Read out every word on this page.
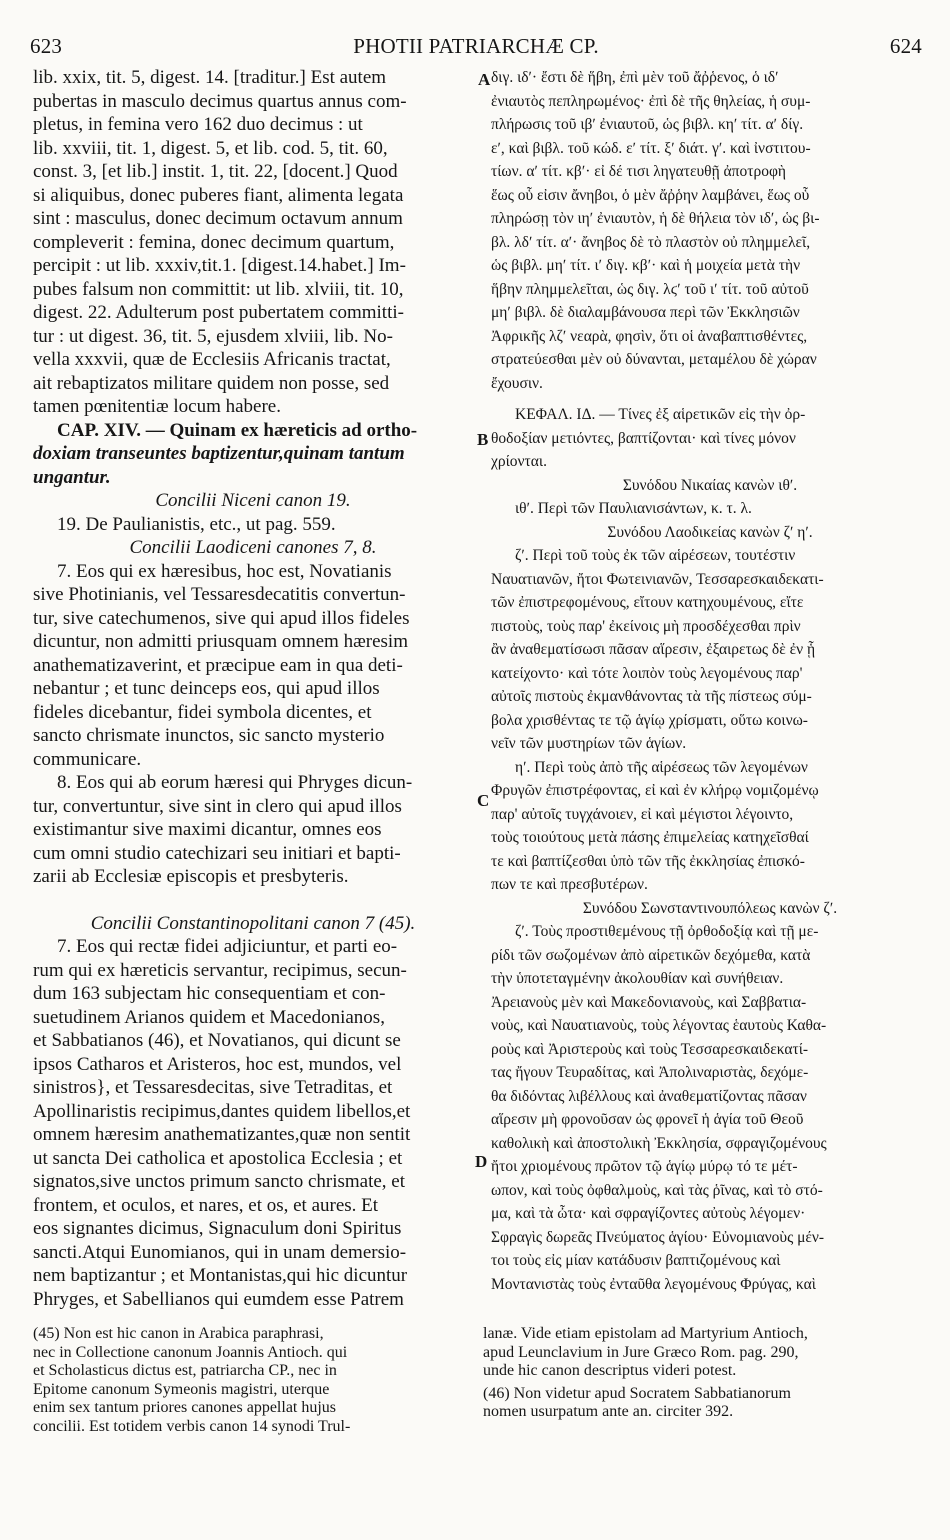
623	PHOTII PATRIARCHÆ CP.	624
A
B
C
D
lib. xxix, tit. 5, digest. 14. [traditur.] Est autem
pubertas in masculo decimus quartus annus com-
pletus, in femina vero 162 duo decimus : ut
lib. xxviii, tit. 1, digest. 5, et lib. cod. 5, tit. 60,
const. 3, [et lib.] instit. 1, tit. 22, [docent.] Quod
si aliquibus, donec puberes fiant, alimenta legata
sint : masculus, donec decimum octavum annum
compleverit : femina, donec decimum quartum,
percipit : ut lib. xxxiv,tit.1. [digest.14.habet.] Im-
pubes falsum non committit: ut lib. xlviii, tit. 10,
digest. 22. Adulterum post pubertatem committi-
tur : ut digest. 36, tit. 5, ejusdem xlviii, lib. No-
vella xxxvii, quæ de Ecclesiis Africanis tractat,
ait rebaptizatos militare quidem non posse, sed
tamen pœnitentiæ locum habere.
CAP. XIV. — Quinam ex hæreticis ad ortho-
doxiam transeuntes baptizentur,quinam tantum
ungantur.
Concilii Niceni canon 19.
19. De Paulianistis, etc., ut pag. 559.
Concilii Laodiceni canones 7, 8.
7. Eos qui ex hæresibus, hoc est, Novatianis
sive Photinianis, vel Tessaresdecatitis convertun-
tur, sive catechumenos, sive qui apud illos fideles
dicuntur, non admitti priusquam omnem hæresim
anathematizaverint, et præcipue eam in qua deti-
nebantur ; et tunc deinceps eos, qui apud illos
fideles dicebantur, fidei symbola dicentes, et
sancto chrismate inunctos, sic sancto mysterio
communicare.
8. Eos qui ab eorum hæresi qui Phryges dicun-
tur, convertuntur, sive sint in clero qui apud illos
existimantur sive maximi dicantur, omnes eos
cum omni studio catechizari seu initiari et bapti-
zarii ab Ecclesiæ episcopis et presbyteris.
Concilii Constantinopolitani canon 7 (45).
7. Eos qui rectæ fidei adjiciuntur, et parti eo-
rum qui ex hæreticis servantur, recipimus, secun-
dum 163 subjectam hic consequentiam et con-
suetudinem Arianos quidem et Macedonianos,
et Sabbatianos (46), et Novatianos, qui dicunt se
ipsos Catharos et Aristeros, hoc est, mundos, vel
sinistros}, et Tessaresdecitas, sive Tetraditas, et
Apollinaristis recipimus,dantes quidem libellos,et
omnem hæresim anathematizantes,quæ non sentit
ut sancta Dei catholica et apostolica Ecclesia ; et
signatos,sive unctos primum sancto chrismate, et
frontem, et oculos, et nares, et os, et aures. Et
eos signantes dicimus, Signaculum doni Spiritus
sancti.Atqui Eunomianos, qui in unam demersio-
nem baptizantur ; et Montanistas,qui hic dicuntur
Phryges, et Sabellianos qui eumdem esse Patrem
διγ. ιδʹ· ἔστι δὲ ἥβη, ἐπὶ μὲν τοῦ ἄῤῥενος, ὁ ιδʹ
ἐνιαυτὸς πεπληρωμένος· ἐπὶ δὲ τῆς θηλείας, ἡ συμ-
πλήρωσις τοῦ ιβʹ ἐνιαυτοῦ, ὡς βιβλ. κηʹ τίτ. αʹ δίγ.
εʹ, καὶ βιβλ. τοῦ κώδ. εʹ τίτ. ξʹ διάτ. γʹ. καὶ ἰνστιτου-
τίων. αʹ τίτ. κβʹ· εἰ δέ τισι ληγατευθῇ ἀποτροφὴ
ἕως οὗ εἰσιν ἄνηβοι, ὁ μὲν ἄῤῥην λαμβάνει, ἕως οὗ
πληρώσῃ τὸν ιηʹ ἐνιαυτὸν, ἡ δὲ θήλεια τὸν ιδʹ, ὡς βι-
βλ. λδʹ τίτ. αʹ· ἄνηβος δὲ τὸ πλαστὸν οὐ πλημμελεῖ,
ὡς βιβλ. μηʹ τίτ. ιʹ διγ. κβʹ· καὶ ἡ μοιχεία μετὰ τὴν
ἥβην πλημμελεῖται, ὡς διγ. λϛʹ τοῦ ιʹ τίτ. τοῦ αὐτοῦ
μηʹ βιβλ. δὲ διαλαμβάνουσα περὶ τῶν Ἐκκλησιῶν
Ἀφρικῆς λζʹ νεαρὰ, φησὶν, ὅτι οἱ ἀναβαπτισθέντες,
στρατεύεσθαι μὲν οὐ δύνανται, μεταμέλου δὲ χώραν
ἔχουσιν.
ΚΕΦΑΛ. ΙΔ. — Τίνες ἐξ αἱρετικῶν εἰς τὴν ὀρ-
θοδοξίαν μετιόντες, βαπτίζονται· καὶ τίνες μόνον
χρίονται.
Συνόδου Νικαίας κανὼν ιθʹ.
ιθʹ. Περὶ τῶν Παυλιανισάντων, κ. τ. λ.
Συνόδου Λαοδικείας κανὼν ζʹ ηʹ.
ζʹ. Περὶ τοῦ τοὺς ἐκ τῶν αἱρέσεων, τουτέστιν
Ναυατιανῶν, ἤτοι Φωτεινιανῶν, Τεσσαρεσκαιδεκατι-
τῶν ἐπιστρεφομένους, εἴτουν κατηχουμένους, εἴτε
πιστοὺς, τοὺς παρ' ἐκείνοις μὴ προσδέχεσθαι πρὶν
ἂν ἀναθεματίσωσι πᾶσαν αἵρεσιν, ἐξαιρετως δὲ ἐν ᾗ
κατείχοντο· καὶ τότε λοιπὸν τοὺς λεγομένους παρ'
αὐτοῖς πιστοὺς ἐκμανθάνοντας τὰ τῆς πίστεως σύμ-
βολα χρισθέντας τε τῷ ἁγίῳ χρίσματι, οὕτω κοινω-
νεῖν τῶν μυστηρίων τῶν ἁγίων.
ηʹ. Περὶ τοὺς ἀπὸ τῆς αἱρέσεως τῶν λεγομένων
Φρυγῶν ἐπιστρέφοντας, εἰ καὶ ἐν κλήρῳ νομιζομένῳ
παρ' αὐτοῖς τυγχάνοιεν, εἰ καὶ μέγιστοι λέγοιντο,
τοὺς τοιούτους μετὰ πάσης ἐπιμελείας κατηχεῖσθαί
τε καὶ βαπτίζεσθαι ὑπὸ τῶν τῆς ἐκκλησίας ἐπισκό-
πων τε καὶ πρεσβυτέρων.
Συνόδου Σωνσταντινουπόλεως κανὼν ζʹ.
ζʹ. Τοὺς προστιθεμένους τῇ ὀρθοδοξίᾳ καὶ τῇ με-
ρίδι τῶν σωζομένων ἀπὸ αἱρετικῶν δεχόμεθα, κατὰ
τὴν ὑποτεταγμένην ἀκολουθίαν καὶ συνήθειαν.
Ἀρειανοὺς μὲν καὶ Μακεδονιανοὺς, καὶ Σαββατια-
νοὺς, καὶ Ναυατιανοὺς, τοὺς λέγοντας ἑαυτοὺς Καθα-
ροὺς καὶ Ἀριστεροὺς καὶ τοὺς Τεσσαρεσκαιδεκατί-
τας ἤγουν Τευραδίτας, καὶ Ἀπολιναριστὰς, δεχόμε-
θα διδόντας λιβέλλους καὶ ἀναθεματίζοντας πᾶσαν
αἵρεσιν μὴ φρονοῦσαν ὡς φρονεῖ ἡ ἁγία τοῦ Θεοῦ
καθολικὴ καὶ ἀποστολικὴ Ἐκκλησία, σφραγιζομένους
ἤτοι χριομένους πρῶτον τῷ ἁγίῳ μύρῳ τό τε μέτ-
ωπον, καὶ τοὺς ὀφθαλμοὺς, καὶ τὰς ῥῖνας, καὶ τὸ στό-
μα, καὶ τὰ ὦτα· καὶ σφραγίζοντες αὐτοὺς λέγομεν·
Σφραγὶς δωρεᾶς Πνεύματος ἁγίου· Εὐνομιανοὺς μέν-
τοι τοὺς εἰς μίαν κατάδυσιν βαπτιζομένους καὶ
Μοντανιστὰς τοὺς ἐνταῦθα λεγομένους Φρύγας, καὶ
(45) Non est hic canon in Arabica paraphrasi,
nec in Collectione canonum Joannis Antioch. qui
et Scholasticus dictus est, patriarcha CP., nec in
Epitome canonum Symeonis magistri, uterque
enim sex tantum priores canones appellat hujus
concilii. Est totidem verbis canon 14 synodi Trul-
lanæ. Vide etiam epistolam ad Martyrium Antioch,
apud Leunclavium in Jure Græco Rom. pag. 290,
unde hic canon descriptus videri potest.
(46) Non videtur apud Socratem Sabbatianorum
nomen usurpatum ante an. circiter 392.
